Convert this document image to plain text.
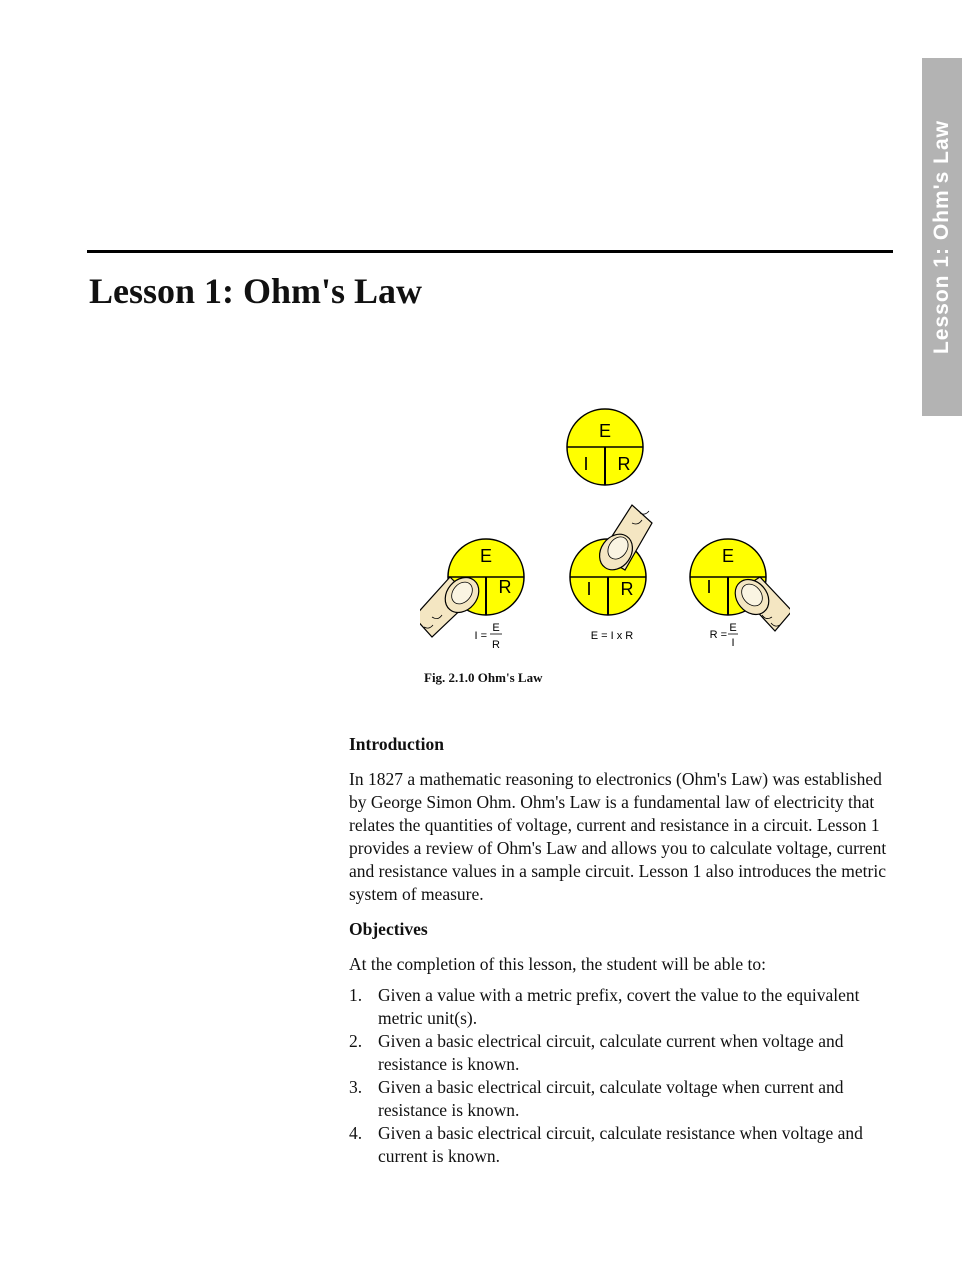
Lesson 1: Ohm's Law
Lesson 1: Ohm's Law
E
I R
E
R
I =
E
R
I R
E = I x R
E
I
R =
E
I
Fig. 2.1.0 Ohm's Law
Introduction

In 1827 a mathematic reasoning to electronics (Ohm's Law) was established by George Simon Ohm. Ohm's Law is a fundamental law of electricity that relates the quantities of voltage, current and resistance in a circuit. Lesson 1 provides a review of Ohm's Law and allows you to calculate voltage, current and resistance values in a sample circuit. Lesson 1 also introduces the metric system of measure.

Objectives

At the completion of this lesson, the student will be able to:

1. Given a value with a metric prefix, covert the value to the equivalent metric unit(s).
2. Given a basic electrical circuit, calculate current when voltage and resistance is known.
3. Given a basic electrical circuit, calculate voltage when current and resistance is known.
4. Given a basic electrical circuit, calculate resistance when voltage and current is known.
